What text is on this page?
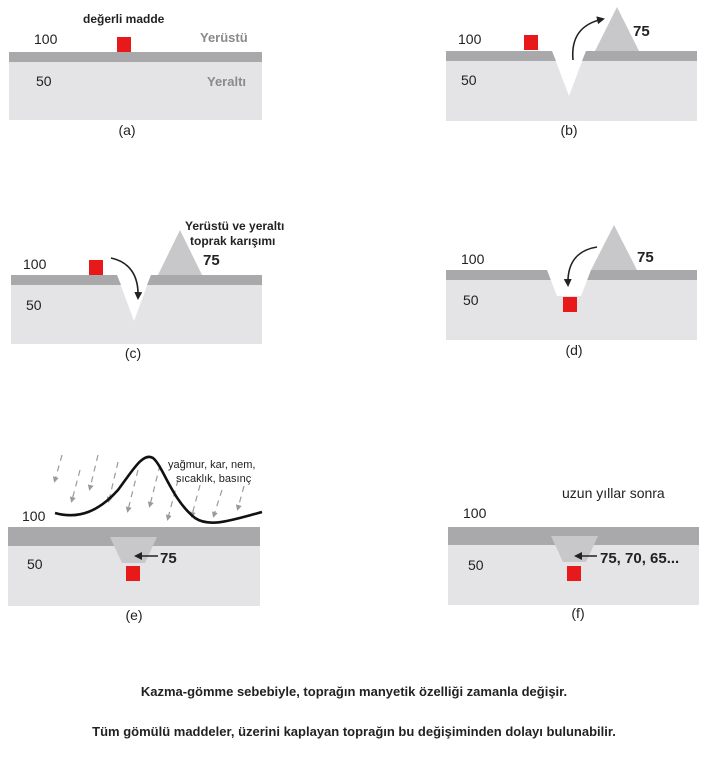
değerli madde
100	Yerüstü
50	Yeraltı
(a)
100
50
75
(b)
Yerüstü ve yeraltı
toprak karışımı
100
50
75
(c)
100
50
75
(d)
yağmur, kar, nem,
sıcaklık, basınç
100
50	75
(e)
uzun yıllar sonra
100
50	75, 70, 65...
(f)
Kazma-gömme sebebiyle, toprağın manyetik özelliği zamanla değişir.
Tüm gömülü maddeler, üzerini kaplayan toprağın bu değişiminden dolayı bulunabilir.
